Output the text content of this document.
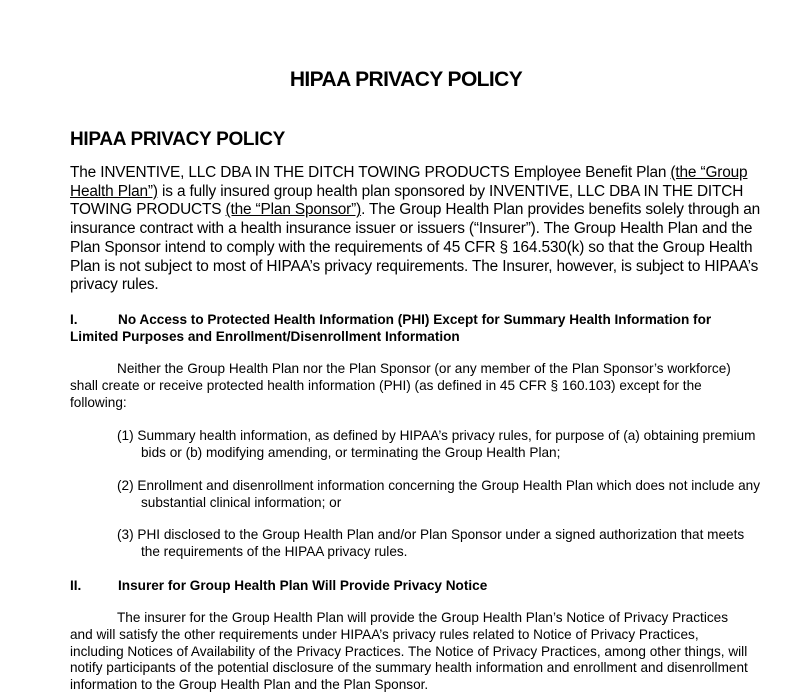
HIPAA PRIVACY POLICY
HIPAA PRIVACY POLICY

The INVENTIVE, LLC DBA IN THE DITCH TOWING PRODUCTS Employee Benefit Plan (the “Group Health Plan”) is a fully insured group health plan sponsored by INVENTIVE, LLC DBA IN THE DITCH TOWING PRODUCTS (the “Plan Sponsor”). The Group Health Plan provides benefits solely through an insurance contract with a health insurance issuer or issuers (“Insurer”). The Group Health Plan and the Plan Sponsor intend to comply with the requirements of 45 CFR § 164.530(k) so that the Group Health Plan is not subject to most of HIPAA’s privacy requirements. The Insurer, however, is subject to HIPAA’s privacy rules.

I.	No Access to Protected Health Information (PHI) Except for Summary Health Information for Limited Purposes and Enrollment/Disenrollment Information

Neither the Group Health Plan nor the Plan Sponsor (or any member of the Plan Sponsor’s workforce) shall create or receive protected health information (PHI) (as defined in 45 CFR § 160.103) except for the following:

(1) Summary health information, as defined by HIPAA’s privacy rules, for purpose of (a) obtaining premium bids or (b) modifying amending, or terminating the Group Health Plan;

(2) Enrollment and disenrollment information concerning the Group Health Plan which does not include any substantial clinical information; or

(3) PHI disclosed to the Group Health Plan and/or Plan Sponsor under a signed authorization that meets the requirements of the HIPAA privacy rules.

II.	Insurer for Group Health Plan Will Provide Privacy Notice

The insurer for the Group Health Plan will provide the Group Health Plan’s Notice of Privacy Practices and will satisfy the other requirements under HIPAA’s privacy rules related to Notice of Privacy Practices, including Notices of Availability of the Privacy Practices. The Notice of Privacy Practices, among other things, will notify participants of the potential disclosure of the summary health information and enrollment and disenrollment information to the Group Health Plan and the Plan Sponsor.
